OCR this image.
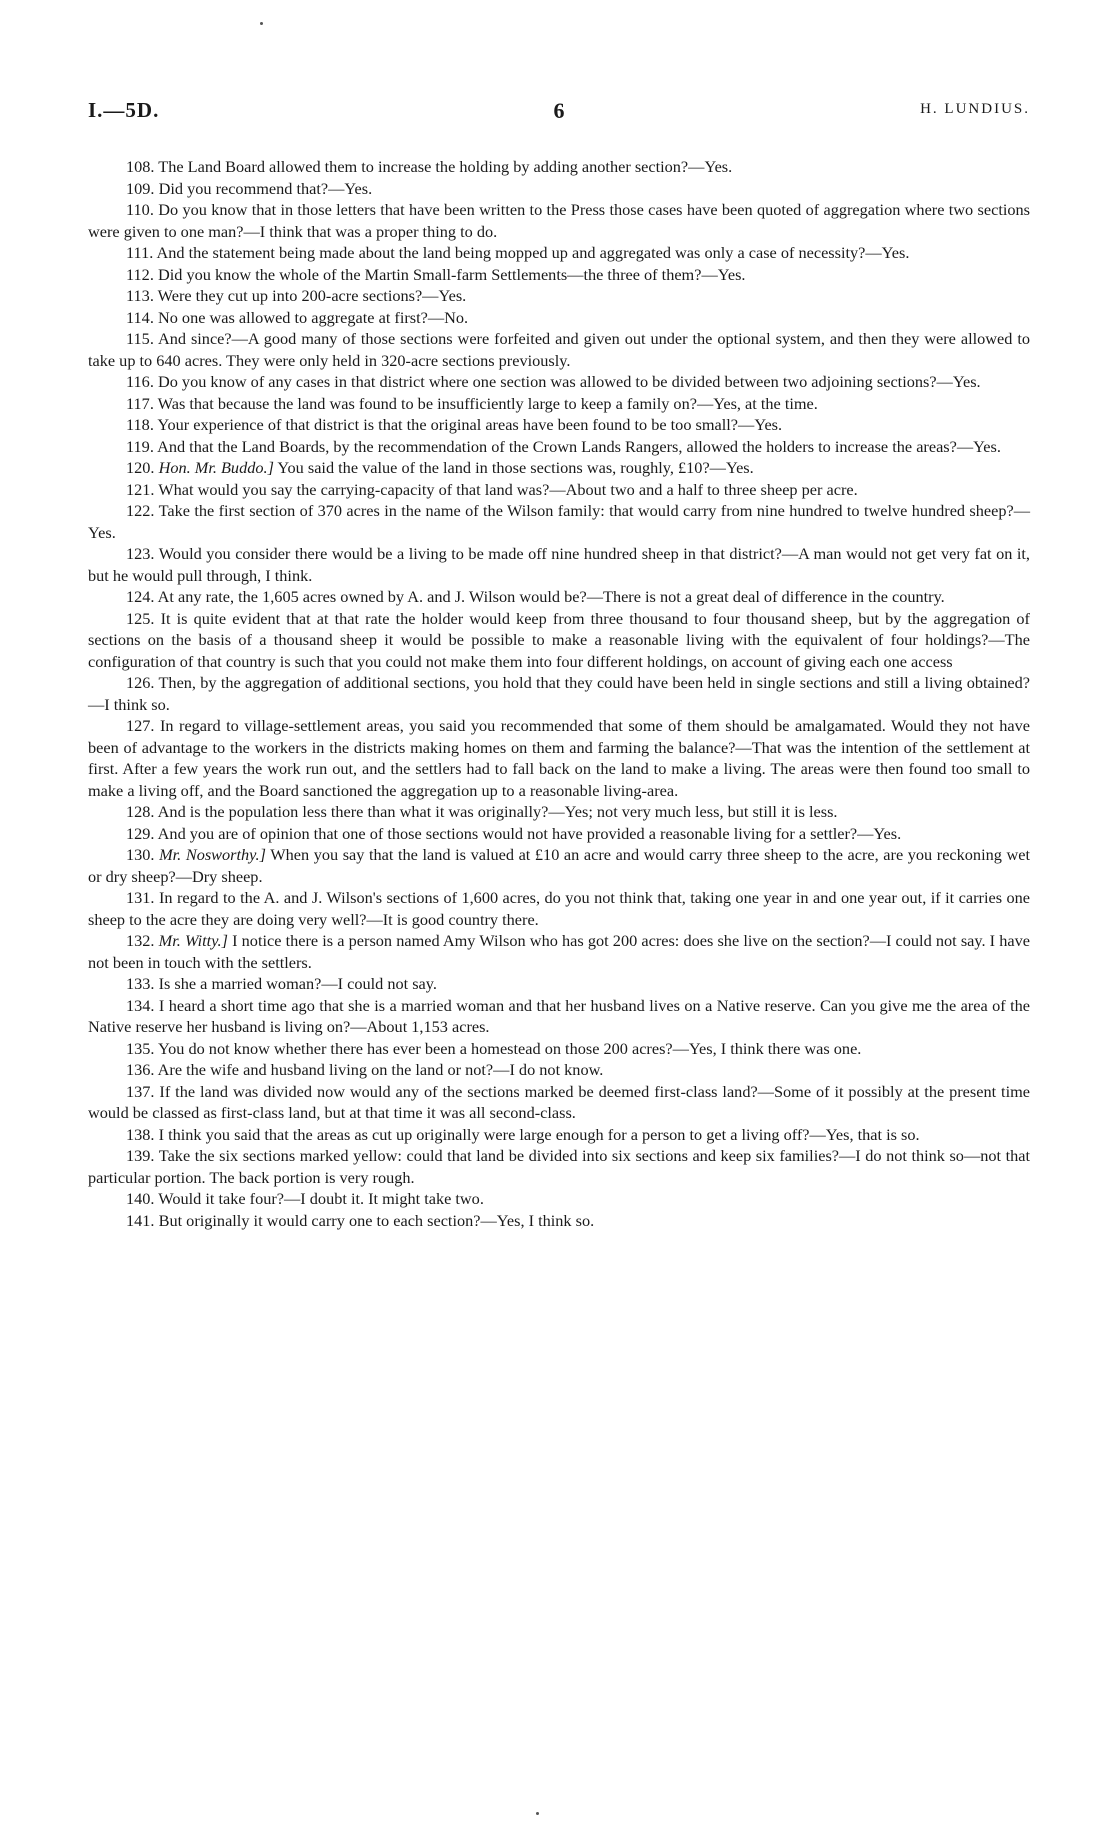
I.—5D.	6	H. LUNDIUS.

108. The Land Board allowed them to increase the holding by adding another section?—Yes.

109. Did you recommend that?—Yes.

110. Do you know that in those letters that have been written to the Press those cases have been quoted of aggregation where two sections were given to one man?—I think that was a proper thing to do.

111. And the statement being made about the land being mopped up and aggregated was only a case of necessity?—Yes.

112. Did you know the whole of the Martin Small-farm Settlements—the three of them?—Yes.

113. Were they cut up into 200-acre sections?—Yes.

114. No one was allowed to aggregate at first?—No.

115. And since?—A good many of those sections were forfeited and given out under the optional system, and then they were allowed to take up to 640 acres. They were only held in 320-acre sections previously.

116. Do you know of any cases in that district where one section was allowed to be divided between two adjoining sections?—Yes.

117. Was that because the land was found to be insufficiently large to keep a family on?—Yes, at the time.

118. Your experience of that district is that the original areas have been found to be too small?—Yes.

119. And that the Land Boards, by the recommendation of the Crown Lands Rangers, allowed the holders to increase the areas?—Yes.

120. Hon. Mr. Buddo.] You said the value of the land in those sections was, roughly, £10?—Yes.

121. What would you say the carrying-capacity of that land was?—About two and a half to three sheep per acre.

122. Take the first section of 370 acres in the name of the Wilson family: that would carry from nine hundred to twelve hundred sheep?—Yes.

123. Would you consider there would be a living to be made off nine hundred sheep in that district?—A man would not get very fat on it, but he would pull through, I think.

124. At any rate, the 1,605 acres owned by A. and J. Wilson would be?—There is not a great deal of difference in the country.

125. It is quite evident that at that rate the holder would keep from three thousand to four thousand sheep, but by the aggregation of sections on the basis of a thousand sheep it would be possible to make a reasonable living with the equivalent of four holdings?—The configuration of that country is such that you could not make them into four different holdings, on account of giving each one access

126. Then, by the aggregation of additional sections, you hold that they could have been held in single sections and still a living obtained?—I think so.

127. In regard to village-settlement areas, you said you recommended that some of them should be amalgamated. Would they not have been of advantage to the workers in the districts making homes on them and farming the balance?—That was the intention of the settlement at first. After a few years the work run out, and the settlers had to fall back on the land to make a living. The areas were then found too small to make a living off, and the Board sanctioned the aggregation up to a reasonable living-area.

128. And is the population less there than what it was originally?—Yes; not very much less, but still it is less.

129. And you are of opinion that one of those sections would not have provided a reasonable living for a settler?—Yes.

130. Mr. Nosworthy.] When you say that the land is valued at £10 an acre and would carry three sheep to the acre, are you reckoning wet or dry sheep?—Dry sheep.

131. In regard to the A. and J. Wilson's sections of 1,600 acres, do you not think that, taking one year in and one year out, if it carries one sheep to the acre they are doing very well?—It is good country there.

132. Mr. Witty.] I notice there is a person named Amy Wilson who has got 200 acres: does she live on the section?—I could not say. I have not been in touch with the settlers.

133. Is she a married woman?—I could not say.

134. I heard a short time ago that she is a married woman and that her husband lives on a Native reserve. Can you give me the area of the Native reserve her husband is living on?—About 1,153 acres.

135. You do not know whether there has ever been a homestead on those 200 acres?—Yes, I think there was one.

136. Are the wife and husband living on the land or not?—I do not know.

137. If the land was divided now would any of the sections marked be deemed first-class land?—Some of it possibly at the present time would be classed as first-class land, but at that time it was all second-class.

138. I think you said that the areas as cut up originally were large enough for a person to get a living off?—Yes, that is so.

139. Take the six sections marked yellow: could that land be divided into six sections and keep six families?—I do not think so—not that particular portion. The back portion is very rough.

140. Would it take four?—I doubt it. It might take two.

141. But originally it would carry one to each section?—Yes, I think so.
